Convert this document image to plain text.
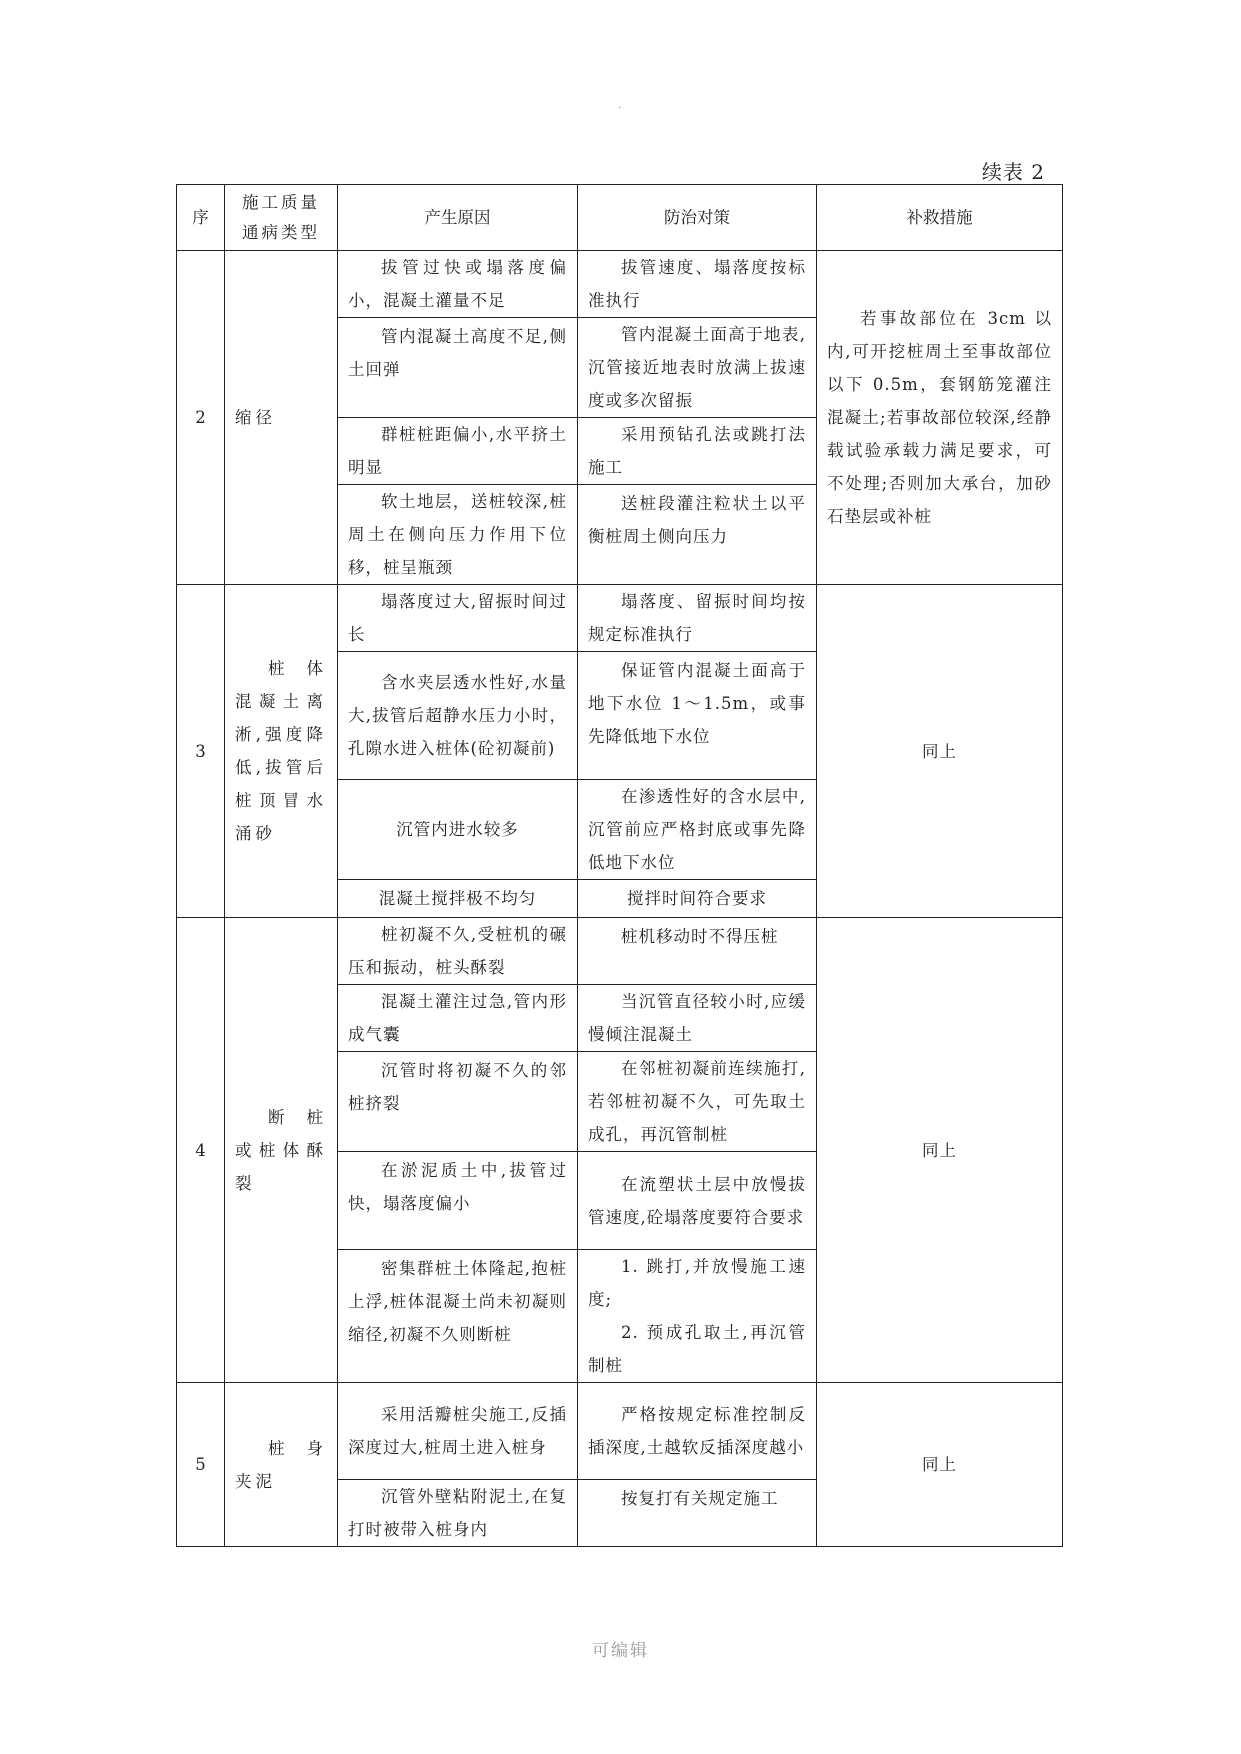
.
续表 2
序	施工质量通病类型	产生原因	防治对策	补救措施
2	缩径	拔管过快或塌落度偏小，混凝土灌量不足	拔管速度、塌落度按标准执行	若事故部位在 3cm 以内,可开挖桩周土至事故部位以下 0.5m，套钢筋笼灌注混凝土;若事故部位较深,经静载试验承载力满足要求，可不处理;否则加大承台，加砂石垫层或补桩
		管内混凝土高度不足,侧土回弹	管内混凝土面高于地表,沉管接近地表时放满上拔速度或多次留振	
		群桩桩距偏小,水平挤土明显	采用预钻孔法或跳打法施工	
		软土地层，送桩较深,桩周土在侧向压力作用下位移，桩呈瓶颈	送桩段灌注粒状土以平衡桩周土侧向压力	
3	桩体混凝土离淅,强度降低,拔管后桩顶冒水涌砂	塌落度过大,留振时间过长	塌落度、留振时间均按规定标准执行	同上
		含水夹层透水性好,水量大,拔管后超静水压力小时，孔隙水进入桩体(砼初凝前)	保证管内混凝土面高于地下水位 1～1.5m，或事先降低地下水位	
		沉管内进水较多	在渗透性好的含水层中,沉管前应严格封底或事先降低地下水位	
		混凝土搅拌极不均匀	搅拌时间符合要求	
4	断桩或桩体酥裂	桩初凝不久,受桩机的碾压和振动，桩头酥裂	桩机移动时不得压桩	同上
		混凝土灌注过急,管内形成气囊	当沉管直径较小时,应缓慢倾注混凝土	
		沉管时将初凝不久的邻桩挤裂	在邻桩初凝前连续施打,若邻桩初凝不久，可先取土成孔，再沉管制桩	
		在淤泥质土中,拔管过快，塌落度偏小	在流塑状土层中放慢拔管速度,砼塌落度要符合要求	
		密集群桩土体隆起,抱桩上浮,桩体混凝土尚未初凝则缩径,初凝不久则断桩	1. 跳打,并放慢施工速度;
2. 预成孔取土,再沉管制桩	

5	桩身夹泥	采用活瓣桩尖施工,反插深度过大,桩周土进入桩身	严格按规定标准控制反插深度,土越软反插深度越小	同上
		沉管外壁粘附泥土,在复打时被带入桩身内	按复打有关规定施工	
可编辑
